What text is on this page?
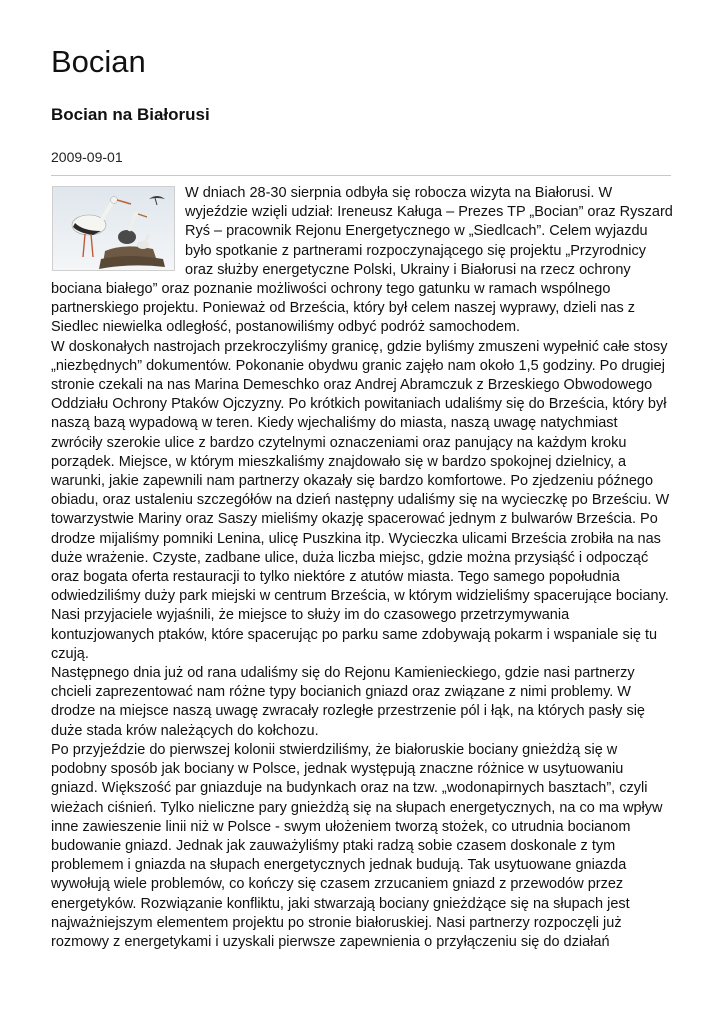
Bocian
Bocian na Białorusi
2009-09-01

W dniach 28-30 sierpnia odbyła się robocza wizyta na Białorusi. W wyjeździe wzięli udział: Ireneusz Kaługa – Prezes TP „Bocian” oraz Ryszard Ryś – pracownik Rejonu Energetycznego w „Siedlcach”. Celem wyjazdu było spotkanie z partnerami rozpoczynającego się projektu „Przyrodnicy oraz służby energetyczne Polski, Ukrainy i Białorusi na rzecz ochrony bociana białego” oraz poznanie możliwości ochrony tego gatunku w ramach wspólnego partnerskiego projektu. Ponieważ od Brześcia, który był celem naszej wyprawy, dzieli nas z Siedlec niewielka odległość, postanowiliśmy odbyć podróż samochodem.

W doskonałych nastrojach przekroczyliśmy granicę, gdzie byliśmy zmuszeni wypełnić całe stosy „niezbędnych” dokumentów. Pokonanie obydwu granic zajęło nam około 1,5 godziny. Po drugiej stronie czekali na nas Marina Demeschko oraz Andrej Abramczuk z Brzeskiego Obwodowego Oddziału Ochrony Ptaków Ojczyzny. Po krótkich powitaniach udaliśmy się do Brześcia, który był naszą bazą wypadową w teren. Kiedy wjechaliśmy do miasta, naszą uwagę natychmiast zwróciły szerokie ulice z bardzo czytelnymi oznaczeniami oraz panujący na każdym kroku porządek. Miejsce, w którym mieszkaliśmy znajdowało się w bardzo spokojnej dzielnicy, a warunki, jakie zapewnili nam partnerzy okazały się bardzo komfortowe. Po zjedzeniu późnego obiadu, oraz ustaleniu szczegółów na dzień następny udaliśmy się na wycieczkę po Brześciu. W towarzystwie Mariny oraz Saszy mieliśmy okazję spacerować jednym z bulwarów Brześcia. Po drodze mijaliśmy pomniki Lenina, ulicę Puszkina itp. Wycieczka ulicami Brześcia zrobiła na nas duże wrażenie. Czyste, zadbane ulice, duża liczba miejsc, gdzie można przysiąść i odpocząć oraz bogata oferta restauracji to tylko niektóre z atutów miasta. Tego samego popołudnia odwiedziliśmy duży park miejski w centrum Brześcia, w którym widzieliśmy spacerujące bociany. Nasi przyjaciele wyjaśnili, że miejsce to służy im do czasowego przetrzymywania kontuzjowanych ptaków, które spacerując po parku same zdobywają pokarm i wspaniale się tu czują.

Następnego dnia już od rana udaliśmy się do Rejonu Kamienieckiego, gdzie nasi partnerzy chcieli zaprezentować nam różne typy bocianich gniazd oraz związane z nimi problemy. W drodze na miejsce naszą uwagę zwracały rozległe przestrzenie pól i łąk, na których pasły się duże stada krów należących do kołchozu.

Po przyjeździe do pierwszej kolonii stwierdziliśmy, że białoruskie bociany gnieżdżą się w podobny sposób jak bociany w Polsce, jednak występują znaczne różnice w usytuowaniu gniazd. Większość par gniazduje na budynkach oraz na tzw. „wodonapirnych basztach”, czyli wieżach ciśnień. Tylko nieliczne pary gnieżdżą się na słupach energetycznych, na co ma wpływ inne zawieszenie linii niż w Polsce - swym ułożeniem tworzą stożek, co utrudnia bocianom budowanie gniazd. Jednak jak zauważyliśmy ptaki radzą sobie czasem doskonale z tym problemem i gniazda na słupach energetycznych jednak budują. Tak usytuowane gniazda wywołują wiele problemów, co kończy się czasem zrzucaniem gniazd z przewodów przez energetyków. Rozwiązanie konfliktu, jaki stwarzają bociany gnieżdżące się na słupach jest najważniejszym elementem projektu po stronie białoruskiej. Nasi partnerzy rozpoczęli już rozmowy z energetykami i uzyskali pierwsze zapewnienia o przyłączeniu się do działań
